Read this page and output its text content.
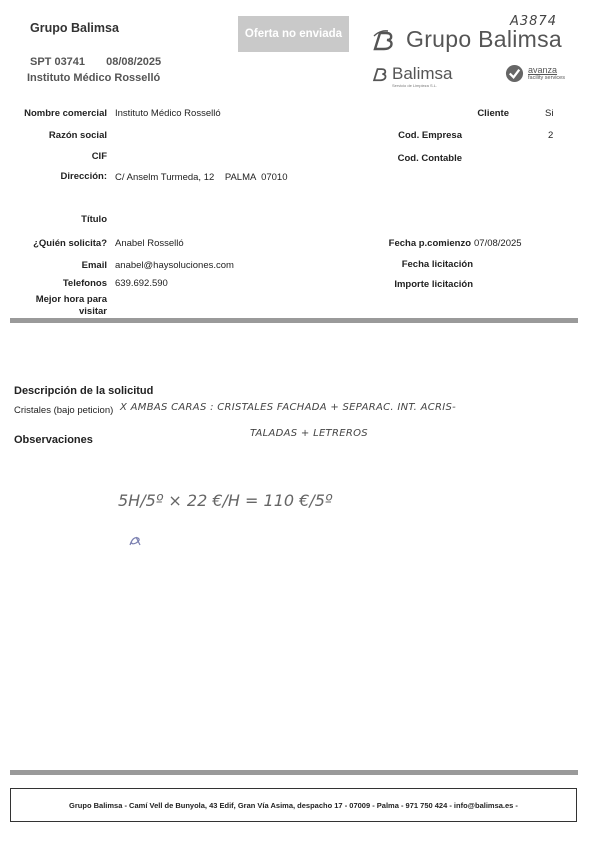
Grupo Balimsa
SPT 03741 08/08/2025
Instituto Médico Rosselló
Oferta no enviada
A3874
Grupo Balimsa
Balimsa
Servicio de Limpieza S.L.
avanza
facility services
Nombre comercial Instituto Médico Rosselló
Razón social
CIF
Dirección: C/ Anselm Turmeda, 12    PALMA  07010
Título
¿Quién solicita? Anabel Rosselló
Email anabel@haysoluciones.com
Telefonos 639.692.590
Mejor hora para
visitar
Cliente	Si
Cod. Empresa	2
Cod. Contable
Fecha p.comienzo 07/08/2025
Fecha licitación
Importe licitación
Descripción de la solicitud
Cristales (bajo peticion) X AMBAS CARAS : CRISTALES FACHADA + SEPARAC. INT. ACRIS-
TALADAS + LETREROS
Observaciones
5H/5º × 22 €/H = 110 €/5º
Grupo Balimsa - Camí Vell de Bunyola, 43 Edif, Gran Vía Asima, despacho 17 - 07009 - Palma - 971 750 424 - info@balimsa.es -
